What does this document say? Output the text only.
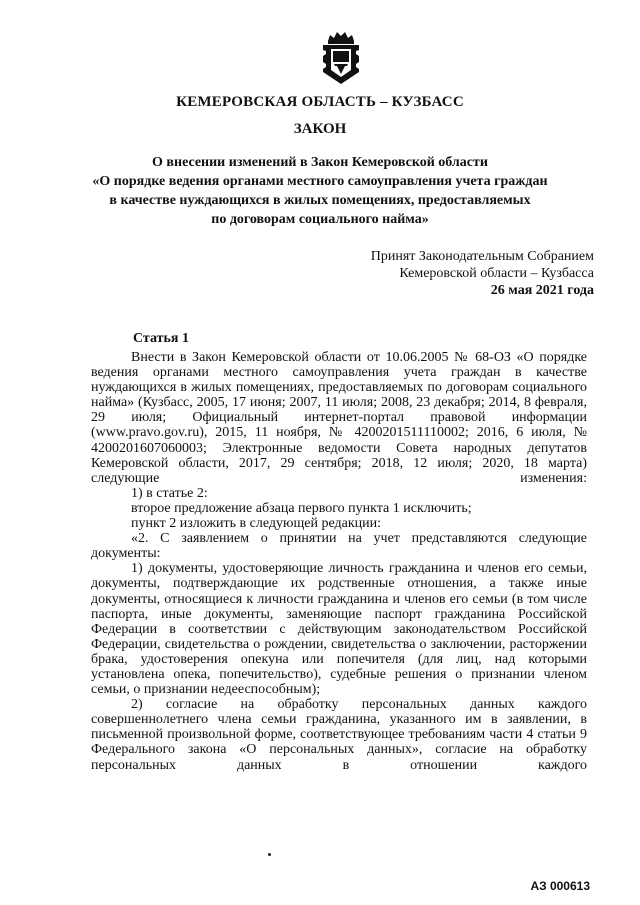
КЕМЕРОВСКАЯ ОБЛАСТЬ – КУЗБАСС
ЗАКОН
О внесении изменений в Закон Кемеровской области
«О порядке ведения органами местного самоуправления учета граждан
в качестве нуждающихся в жилых помещениях, предоставляемых
по договорам социального найма»
Принят Законодательным Собранием
Кемеровской области – Кузбасса
26 мая 2021 года
Статья 1

Внести в Закон Кемеровской области от 10.06.2005 № 68-ОЗ «О порядке ведения органами местного самоуправления учета граждан в качестве нуждающихся в жилых помещениях, предоставляемых по договорам социального найма» (Кузбасс, 2005, 17 июня; 2007, 11 июля; 2008, 23 декабря; 2014, 8 февраля, 29 июля; Официальный интернет-портал правовой информации (www.pravo.gov.ru), 2015, 11 ноября, № 4200201511110002; 2016, 6 июля, № 4200201607060003; Электронные ведомости Совета народных депутатов Кемеровской области, 2017, 29 сентября; 2018, 12 июля; 2020, 18 марта) следующие изменения:

1) в статье 2:

второе предложение абзаца первого пункта 1 исключить;

пункт 2 изложить в следующей редакции:

«2. С заявлением о принятии на учет представляются следующие документы:

1) документы, удостоверяющие личность гражданина и членов его семьи, документы, подтверждающие их родственные отношения, а также иные документы, относящиеся к личности гражданина и членов его семьи (в том числе паспорта, иные документы, заменяющие паспорт гражданина Российской Федерации в соответствии с действующим законодательством Российской Федерации, свидетельства о рождении, свидетельства о заключении, расторжении брака, удостоверения опекуна или попечителя (для лиц, над которыми установлена опека, попечительство), судебные решения о признании членом семьи, о признании недееспособным);

2) согласие на обработку персональных данных каждого совершеннолетнего члена семьи гражданина, указанного им в заявлении, в письменной произвольной форме, соответствующее требованиям части 4 статьи 9 Федерального закона «О персональных данных», согласие на обработку персональных данных в отношении каждого

АЗ 000613
